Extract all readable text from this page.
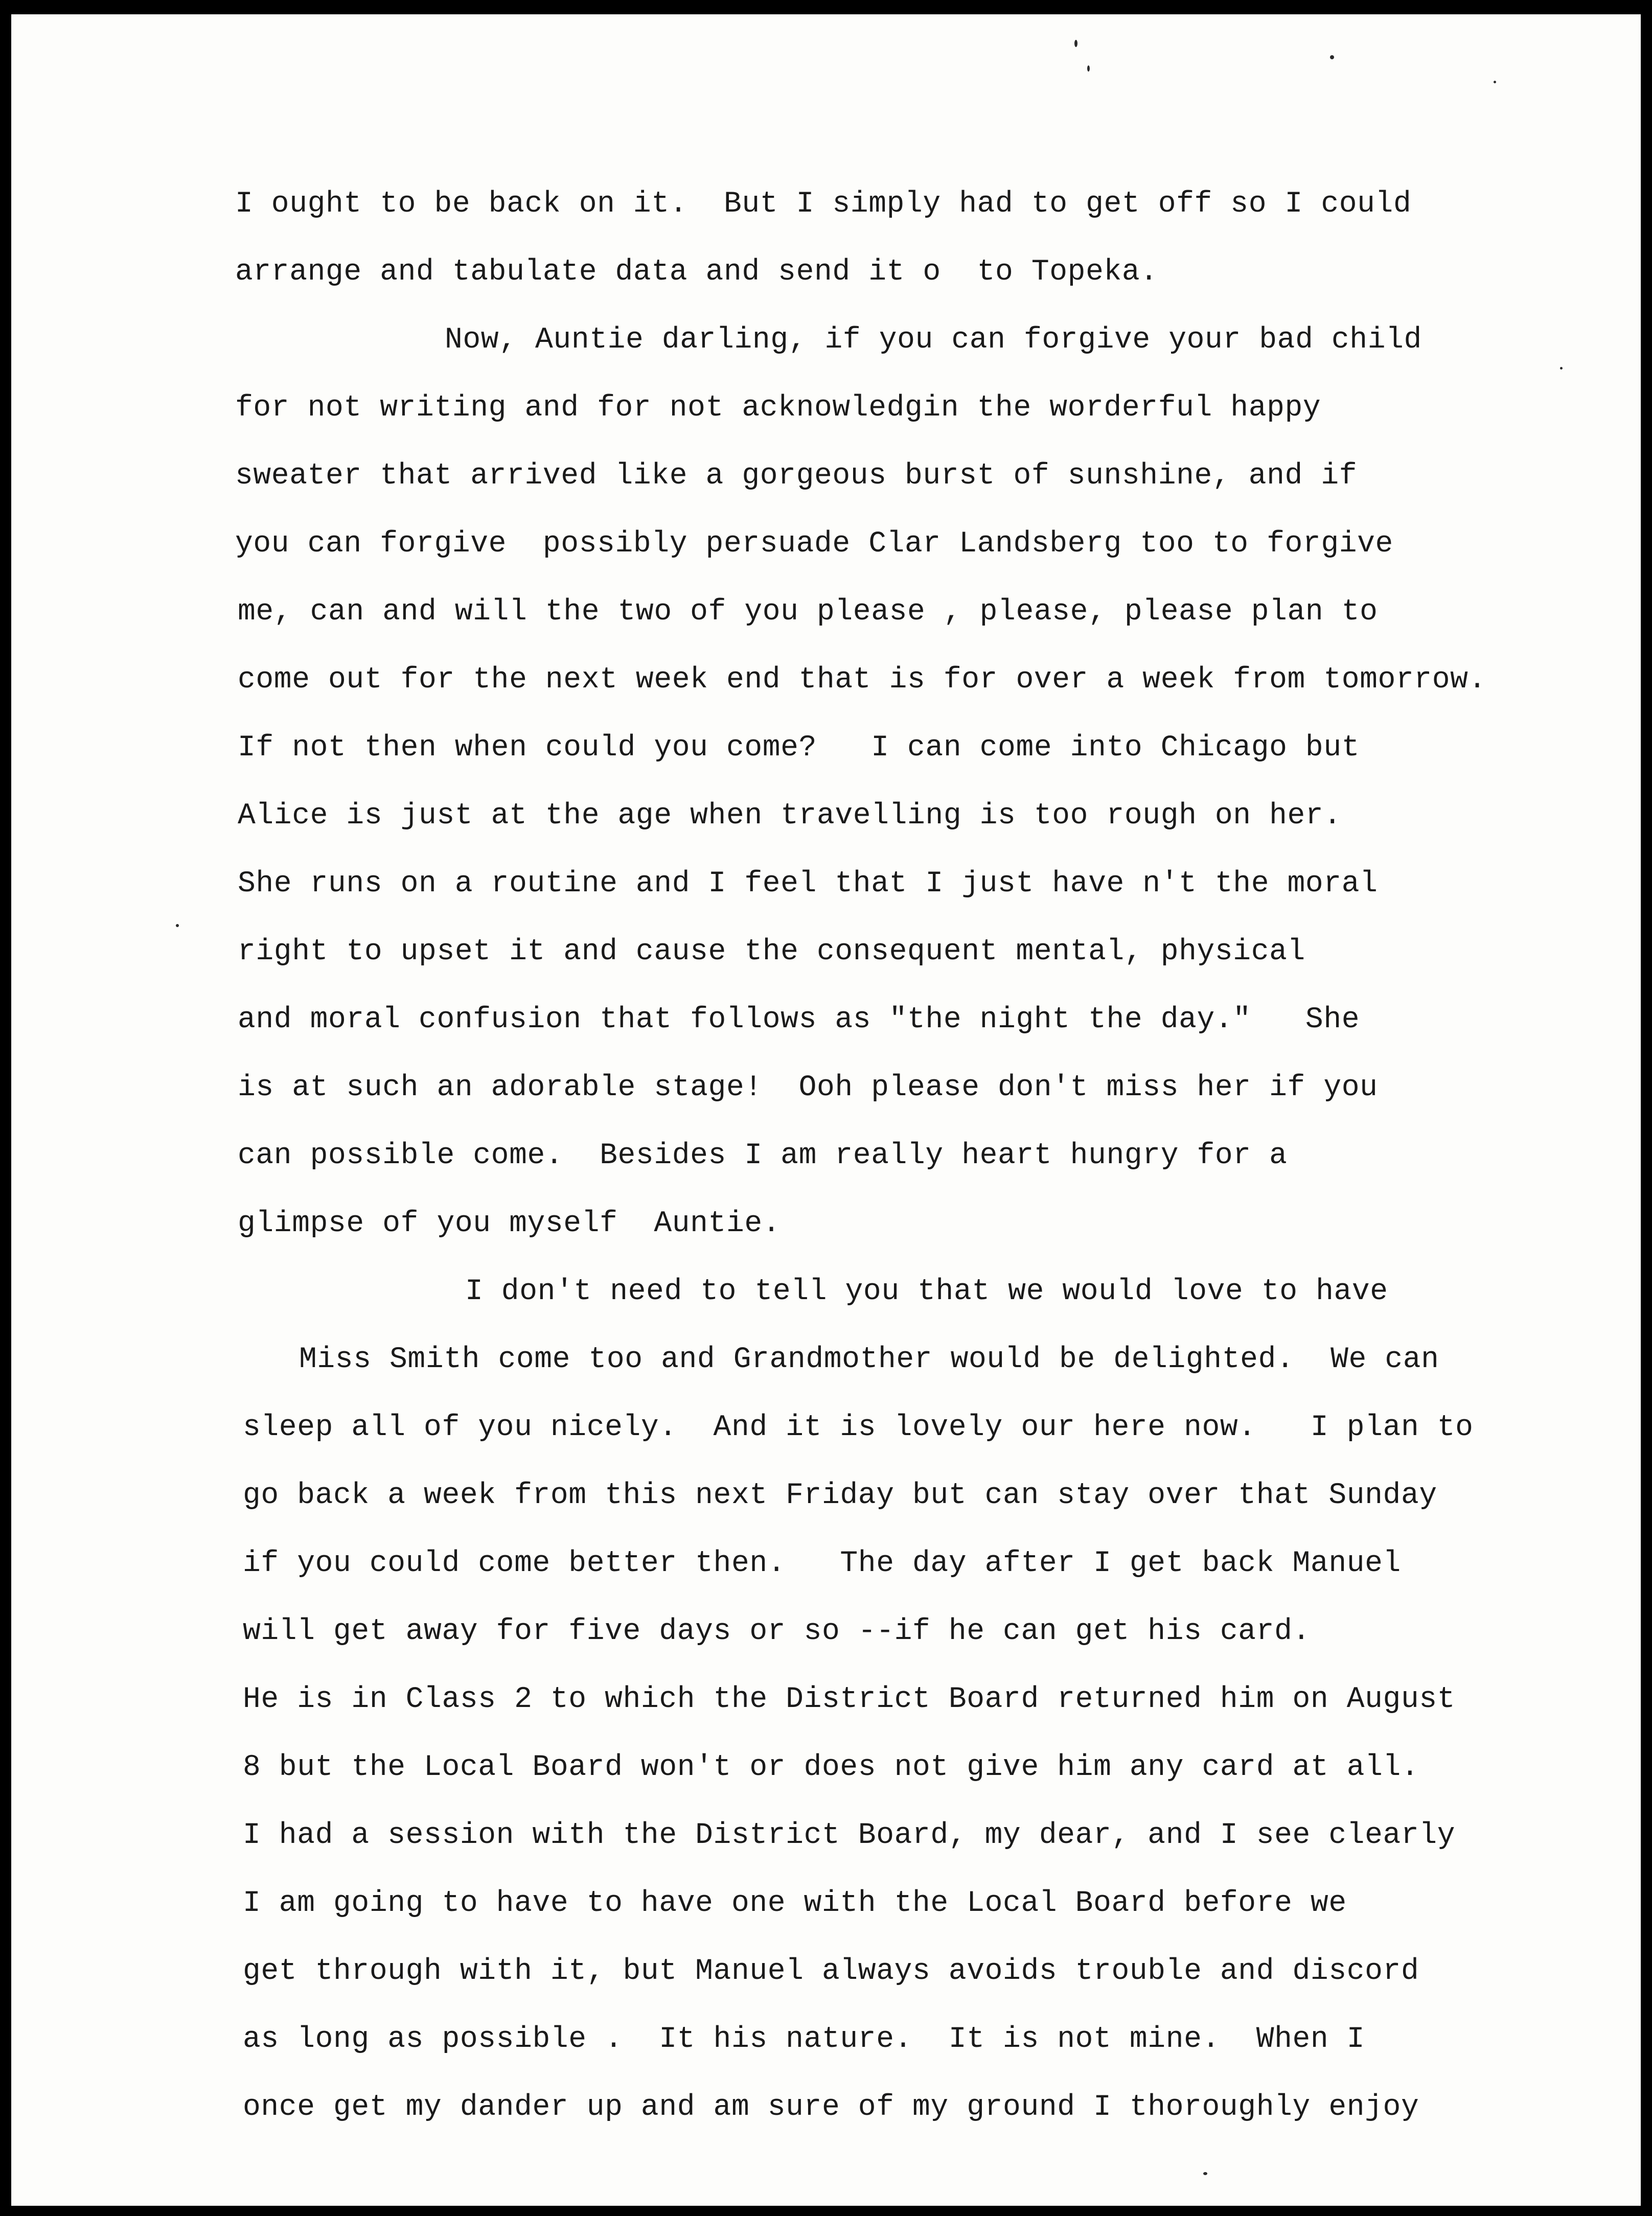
I ought to be back on it.  But I simply had to get off so I could
arrange and tabulate data and send it o  to Topeka.
Now, Auntie darling, if you can forgive your bad child
for not writing and for not acknowledgin the worderful happy
sweater that arrived like a gorgeous burst of sunshine, and if
you can forgive  possibly persuade Clar Landsberg too to forgive
me, can and will the two of you please , please, please plan to
come out for the next week end that is for over a week from tomorrow.
If not then when could you come?   I can come into Chicago but
Alice is just at the age when travelling is too rough on her.
She runs on a routine and I feel that I just have n't the moral
right to upset it and cause the consequent mental, physical
and moral confusion that follows as "the night the day."   She
is at such an adorable stage!  Ooh please don't miss her if you
can possible come.  Besides I am really heart hungry for a
glimpse of you myself  Auntie.
I don't need to tell you that we would love to have
Miss Smith come too and Grandmother would be delighted.  We can
sleep all of you nicely.  And it is lovely our here now.   I plan to
go back a week from this next Friday but can stay over that Sunday
if you could come better then.   The day after I get back Manuel
will get away for five days or so --if he can get his card.
He is in Class 2 to which the District Board returned him on August
8 but the Local Board won't or does not give him any card at all.
I had a session with the District Board, my dear, and I see clearly
I am going to have to have one with the Local Board before we
get through with it, but Manuel always avoids trouble and discord
as long as possible .  It his nature.  It is not mine.  When I
once get my dander up and am sure of my ground I thoroughly enjoy
